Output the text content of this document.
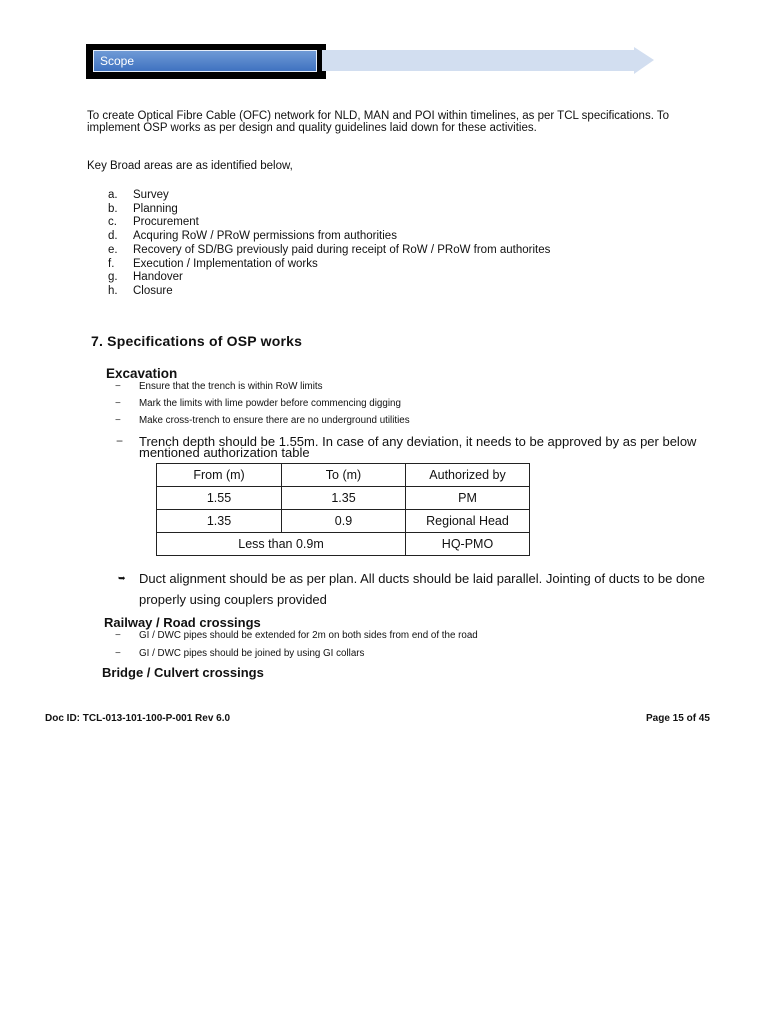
Scope
To create Optical Fibre Cable (OFC) network for NLD, MAN and POI within timelines, as per TCL specifications. To implement OSP works as per design and quality guidelines laid down for these activities.
Key Broad areas are as identified below,
a. Survey
b. Planning
c. Procurement
d. Acquring RoW / PRoW permissions from authorities
e. Recovery of SD/BG previously paid during receipt of RoW / PRoW from authorites
f. Execution / Implementation of works
g. Handover
h. Closure
7. Specifications of OSP works
Excavation
− Ensure that the trench is within RoW limits
− Mark the limits with lime powder before commencing digging
− Make cross-trench to ensure there are no underground utilities
− Trench depth should be 1.55m. In case of any deviation, it needs to be approved by as per below mentioned authorization table
From (m)	To (m)	Authorized by
1.55	1.35	PM
1.35	0.9	Regional Head
Less than 0.9m		HQ-PMO
➥ Duct alignment should be as per plan. All ducts should be laid parallel. Jointing of ducts to be done properly using couplers provided
Railway / Road crossings
− GI / DWC pipes should be extended for 2m on both sides from end of the road
− GI / DWC pipes should be joined by using GI collars
Bridge / Culvert crossings
Doc ID: TCL-013-101-100-P-001 Rev 6.0	Page 15 of 45
